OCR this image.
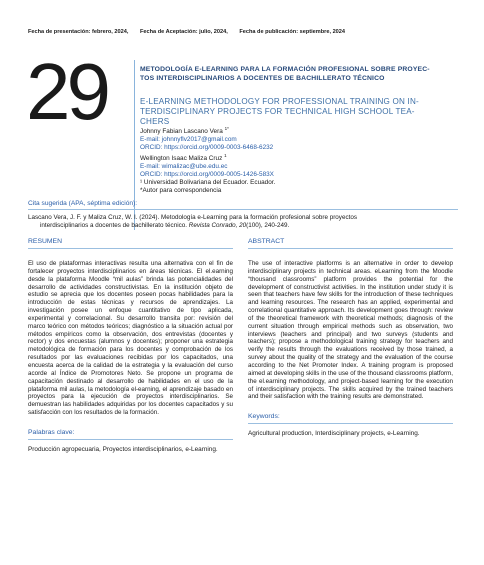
Fecha de presentación: febrero, 2024, Fecha de Aceptación: julio, 2024, Fecha de publicación: septiembre, 2024
29	METODOLOGÍA E-LEARNING PARA LA FORMACIÓN PROFESIONAL SOBRE PROYEC-
TOS INTERDISCIPLINARIOS A DOCENTES DE BACHILLERATO TÉCNICO
E-LEARNING METHODOLOGY FOR PROFESSIONAL TRAINING ON IN-
TERDISCIPLINARY PROJECTS FOR TECHNICAL HIGH SCHOOL TEA-
CHERS
Johnny Fabian Lascano Vera $^{1*}$
E-mail: johnnyflv2017@gmail.com
ORCID: https://orcid.org/0009-0003-6468-6232
Wellington Isaac Maliza Cruz $^1$
E-mail: wimalizac@ube.edu.ec
ORCID: https://orcid.org/0009-0005-1426-583X
¹ Universidad Bolivariana del Ecuador. Ecuador.
*Autor para correspondencia
Cita sugerida (APA, séptima edición):
Lascano Vera, J. F. y Maliza Cruz, W. I. (2024). Metodología e-Learning para la formación profesional sobre proyectos
interdisciplinarios a docentes de bachillerato técnico. Revista Conrado, 20(100), 240-249.
RESUMEN
El uso de plataformas interactivas resulta una alternativa con el fin de fortalecer proyectos interdisciplinarios en áreas técnicas. El el.earning desde la plataforma Moodle “mil aulas” brinda las potencialidades del desarrollo de actividades constructivistas. En la institución objeto de estudio se aprecia que los docentes poseen pocas habilidades para la introducción de estas técnicas y recursos de aprendizajes. La investigación posee un enfoque cuantitativo de tipo aplicada, experimental y correlacional. Su desarrollo transita por: revisión del marco teórico con métodos teóricos; diagnóstico a la situación actual por métodos empíricos como la observación, dos entrevistas (docentes y rector) y dos encuestas (alumnos y docentes); proponer una estrategia metodológica de formación para los docentes y comprobación de los resultados por las evaluaciones recibidas por los capacitados, una encuesta acerca de la calidad de la estrategia y la evaluación del curso acorde al Índice de Promotores Neto. Se propone un programa de capacitación destinado al desarrollo de habilidades en el uso de la plataforma mil aulas, la metodología el-earning, el aprendizaje basado en proyectos para la ejecución de proyectos interdisciplinarios. Se demuestran las habilidades adquiridas por los docentes capacitados y su satisfacción con los resultados de la formación.
Palabras clave:
Producción agropecuaria, Proyectos interdisciplinarios, e-Learning.
ABSTRACT
The use of interactive platforms is an alternative in order to develop interdisciplinary projects in technical areas. eLearning from the Moodle “thousand classrooms” platform provides the potential for the development of constructivist activities. In the institution under study it is seen that teachers have few skills for the introduction of these techniques and learning resources. The research has an applied, experimental and correlational quantitative approach. Its development goes through: review of the theoretical framework with theoretical methods; diagnosis of the current situation through empirical methods such as observation, two interviews (teachers and principal) and two surveys (students and teachers); propose a methodological training strategy for teachers and verify the results through the evaluations received by those trained, a survey about the quality of the strategy and the evaluation of the course according to the Net Promoter Index. A training program is proposed aimed at developing skills in the use of the thousand classrooms platform, the el.earning methodology, and project-based learning for the execution of interdisciplinary projects. The skills acquired by the trained teachers and their satisfaction with the training results are demonstrated.
Keywords:
Agricultural production, Interdisciplinary projects, e-Learning.
